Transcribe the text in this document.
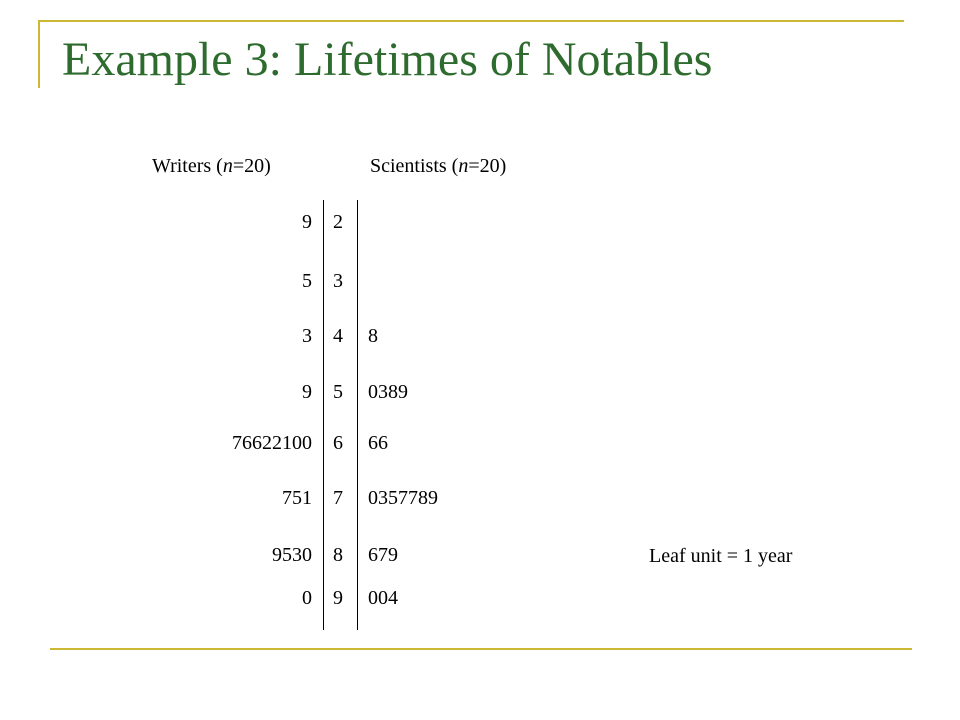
Example 3: Lifetimes of Notables
Writers (n=20)	Scientists (n=20)
9 2
5 3
3 4 8
9 5 0389
76622100 6 66
751 7 0357789
9530 8 679
0 9 004
Leaf unit = 1 year
